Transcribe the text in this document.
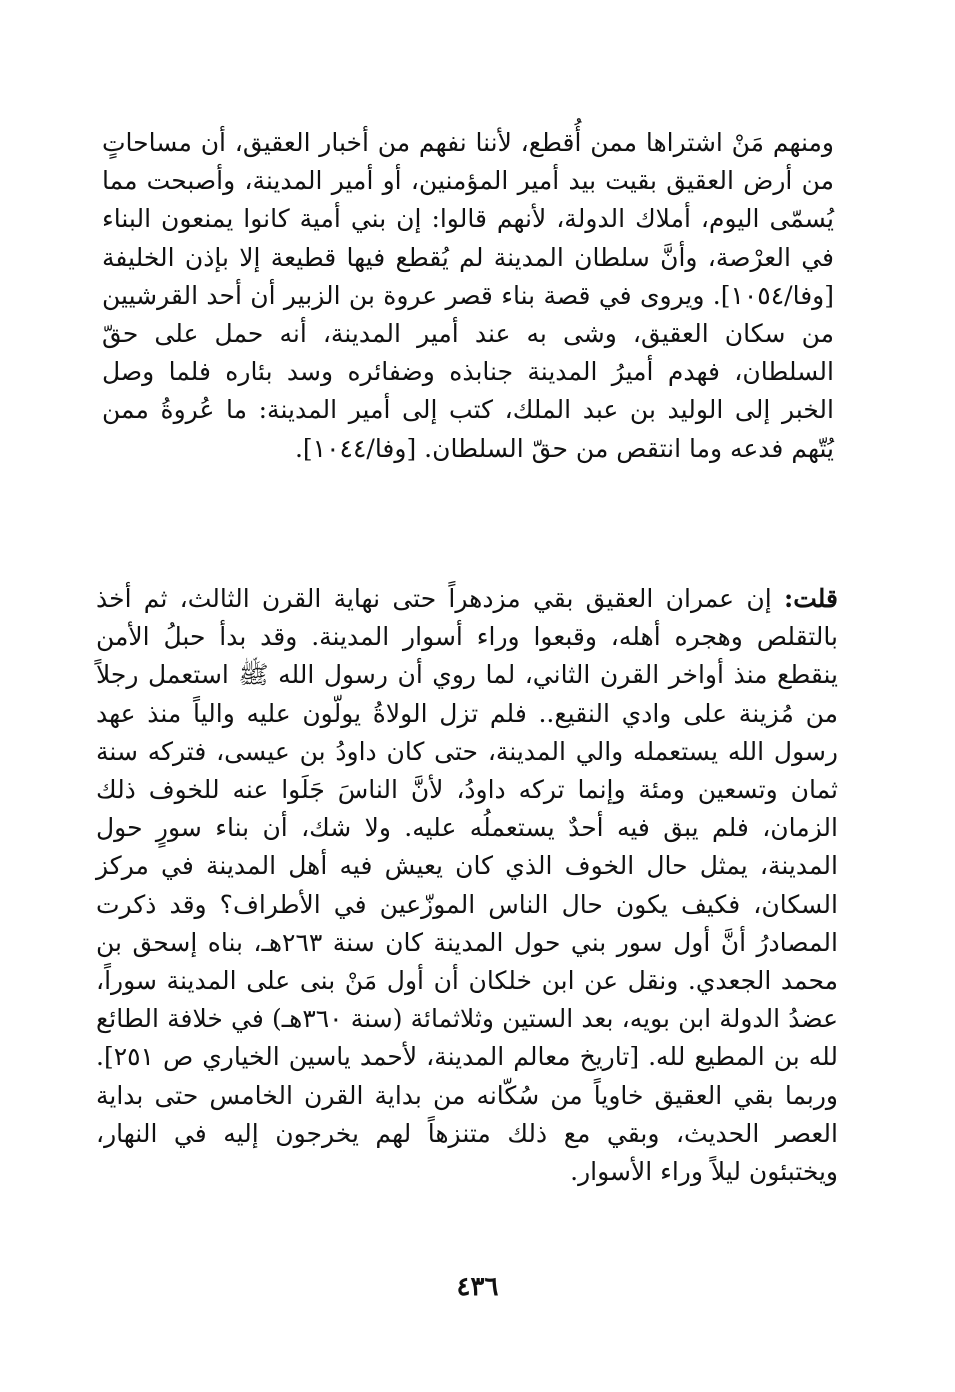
ومنهم مَنْ اشتراها ممن أُقطع، لأننا نفهم من أخبار العقيق، أن مساحاتٍ من أرض العقيق بقيت بيد أمير المؤمنين، أو أمير المدينة، وأصبحت مما يُسمّى اليوم، أملاك الدولة، لأنهم قالوا: إن بني أمية كانوا يمنعون البناء في العرْصة، وأنَّ سلطان المدينة لم يُقطع فيها قطيعة إلا بإذن الخليفة [وفا/١٠٥٤]. ويروى في قصة بناء قصر عروة بن الزبير أن أحد القرشيين من سكان العقيق، وشى به عند أمير المدينة، أنه حمل على حقّ السلطان، فهدم أميرُ المدينة جنابذه وضفائره وسد بئاره فلما وصل الخبر إلى الوليد بن عبد الملك، كتب إلى أمير المدينة: ما عُروةُ ممن يُتّهم فدعه وما انتقص من حقّ السلطان. [وفا/١٠٤٤].

قلت: إن عمران العقيق بقي مزدهراً حتى نهاية القرن الثالث، ثم أخذ بالتقلص وهجره أهله، وقبعوا وراء أسوار المدينة. وقد بدأ حبلُ الأمن ينقطع منذ أواخر القرن الثاني، لما روي أن رسول الله ﷺ استعمل رجلاً من مُزينة على وادي النقيع.. فلم تزل الولاةُ يولّون عليه والياً منذ عهد رسول الله يستعمله والي المدينة، حتى كان داودُ بن عيسى، فتركه سنة ثمان وتسعين ومئة وإنما تركه داودُ، لأنَّ الناسَ جَلَوا عنه للخوف ذلك الزمان، فلم يبق فيه أحدٌ يستعملُه عليه. ولا شك، أن بناء سورٍ حول المدينة، يمثل حال الخوف الذي كان يعيش فيه أهل المدينة في مركز السكان، فكيف يكون حال الناس الموزّعين في الأطراف؟ وقد ذكرت المصادرُ أنَّ أول سور بني حول المدينة كان سنة ٢٦٣هـ، بناه إسحق بن محمد الجعدي. ونقل عن ابن خلكان أن أول مَنْ بنى على المدينة سوراً، عضدُ الدولة ابن بويه، بعد الستين وثلاثمائة (سنة ٣٦٠هـ) في خلافة الطائع لله بن المطيع لله. [تاريخ معالم المدينة، لأحمد ياسين الخياري ص ٢٥١]. وربما بقي العقيق خاوياً من سُكّانه من بداية القرن الخامس حتى بداية العصر الحديث، وبقي مع ذلك متنزهاً لهم يخرجون إليه في النهار، ويختبئون ليلاً وراء الأسوار.

٤٣٦
